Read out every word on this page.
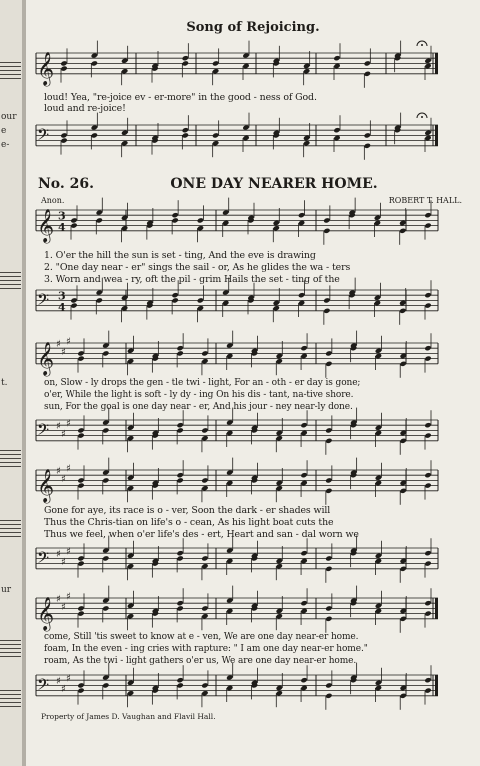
our
e
e-
t.
ur
𝄞
𝄢
𝄞 3
4
𝄢 3
4
𝄞 ♯
♯
♯
𝄢 ♯
♯
♯
𝄞 ♯
♯
♯
𝄢 ♯
♯
♯
𝄞 ♯
♯
♯
𝄢 ♯
♯
♯
Song of Rejoicing.
loud! Yea, "re-joice ev - er-more" in the good - ness of God.
loud and re-joice!
No. 26.	ONE DAY NEARER HOME.
Anon.	ROBERT T. HALL.
1. O'er the hill the sun is set - ting, And the eve is drawing
2. "One day near - er" sings the sail - or, As he glides the wa - ters
3. Worn and wea - ry, oft the pil - grim Hails the set - ting of the
on, Slow - ly drops the gen - tle twi - light, For an - oth - er day is gone;
o'er, While the light is soft - ly dy - ing On his dis - tant, na-tive shore.
sun, For the goal is one day near - er, And his jour - ney near-ly done.
Gone for aye, its race is o - ver, Soon the dark - er shades will
Thus the Chris-tian on life's o - cean, As his light boat cuts the
Thus we feel, when o'er life's des - ert, Heart and san - dal worn we
come, Still 'tis sweet to know at e - ven, We are one day near-er home.
foam, In the even - ing cries with rapture: " I am one day near-er home."
roam, As the twi - light gathers o'er us, We are one day near-er home.
Property of James D. Vaughan and Flavil Hall.
